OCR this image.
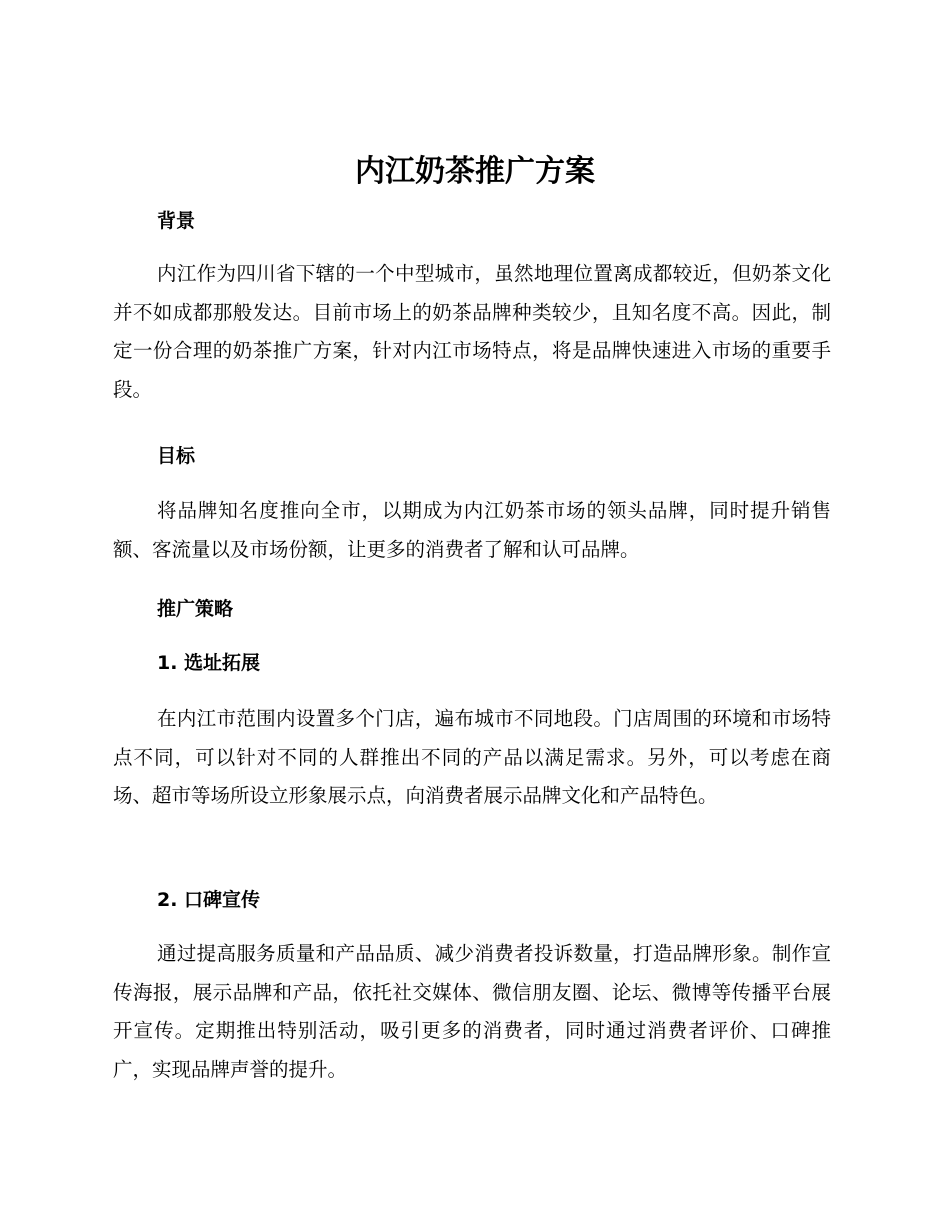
内江奶茶推广方案
背景

内江作为四川省下辖的一个中型城市，虽然地理位置离成都较近，但奶茶文化并不如成都那般发达。目前市场上的奶茶品牌种类较少，且知名度不高。因此，制定一份合理的奶茶推广方案，针对内江市场特点，将是品牌快速进入市场的重要手段。

目标

将品牌知名度推向全市，以期成为内江奶茶市场的领头品牌，同时提升销售额、客流量以及市场份额，让更多的消费者了解和认可品牌。

推广策略
1. 选址拓展

在内江市范围内设置多个门店，遍布城市不同地段。门店周围的环境和市场特点不同，可以针对不同的人群推出不同的产品以满足需求。另外，可以考虑在商场、超市等场所设立形象展示点，向消费者展示品牌文化和产品特色。

2. 口碑宣传

通过提高服务质量和产品品质、减少消费者投诉数量，打造品牌形象。制作宣传海报，展示品牌和产品，依托社交媒体、微信朋友圈、论坛、微博等传播平台展开宣传。定期推出特别活动，吸引更多的消费者，同时通过消费者评价、口碑推广，实现品牌声誉的提升。
